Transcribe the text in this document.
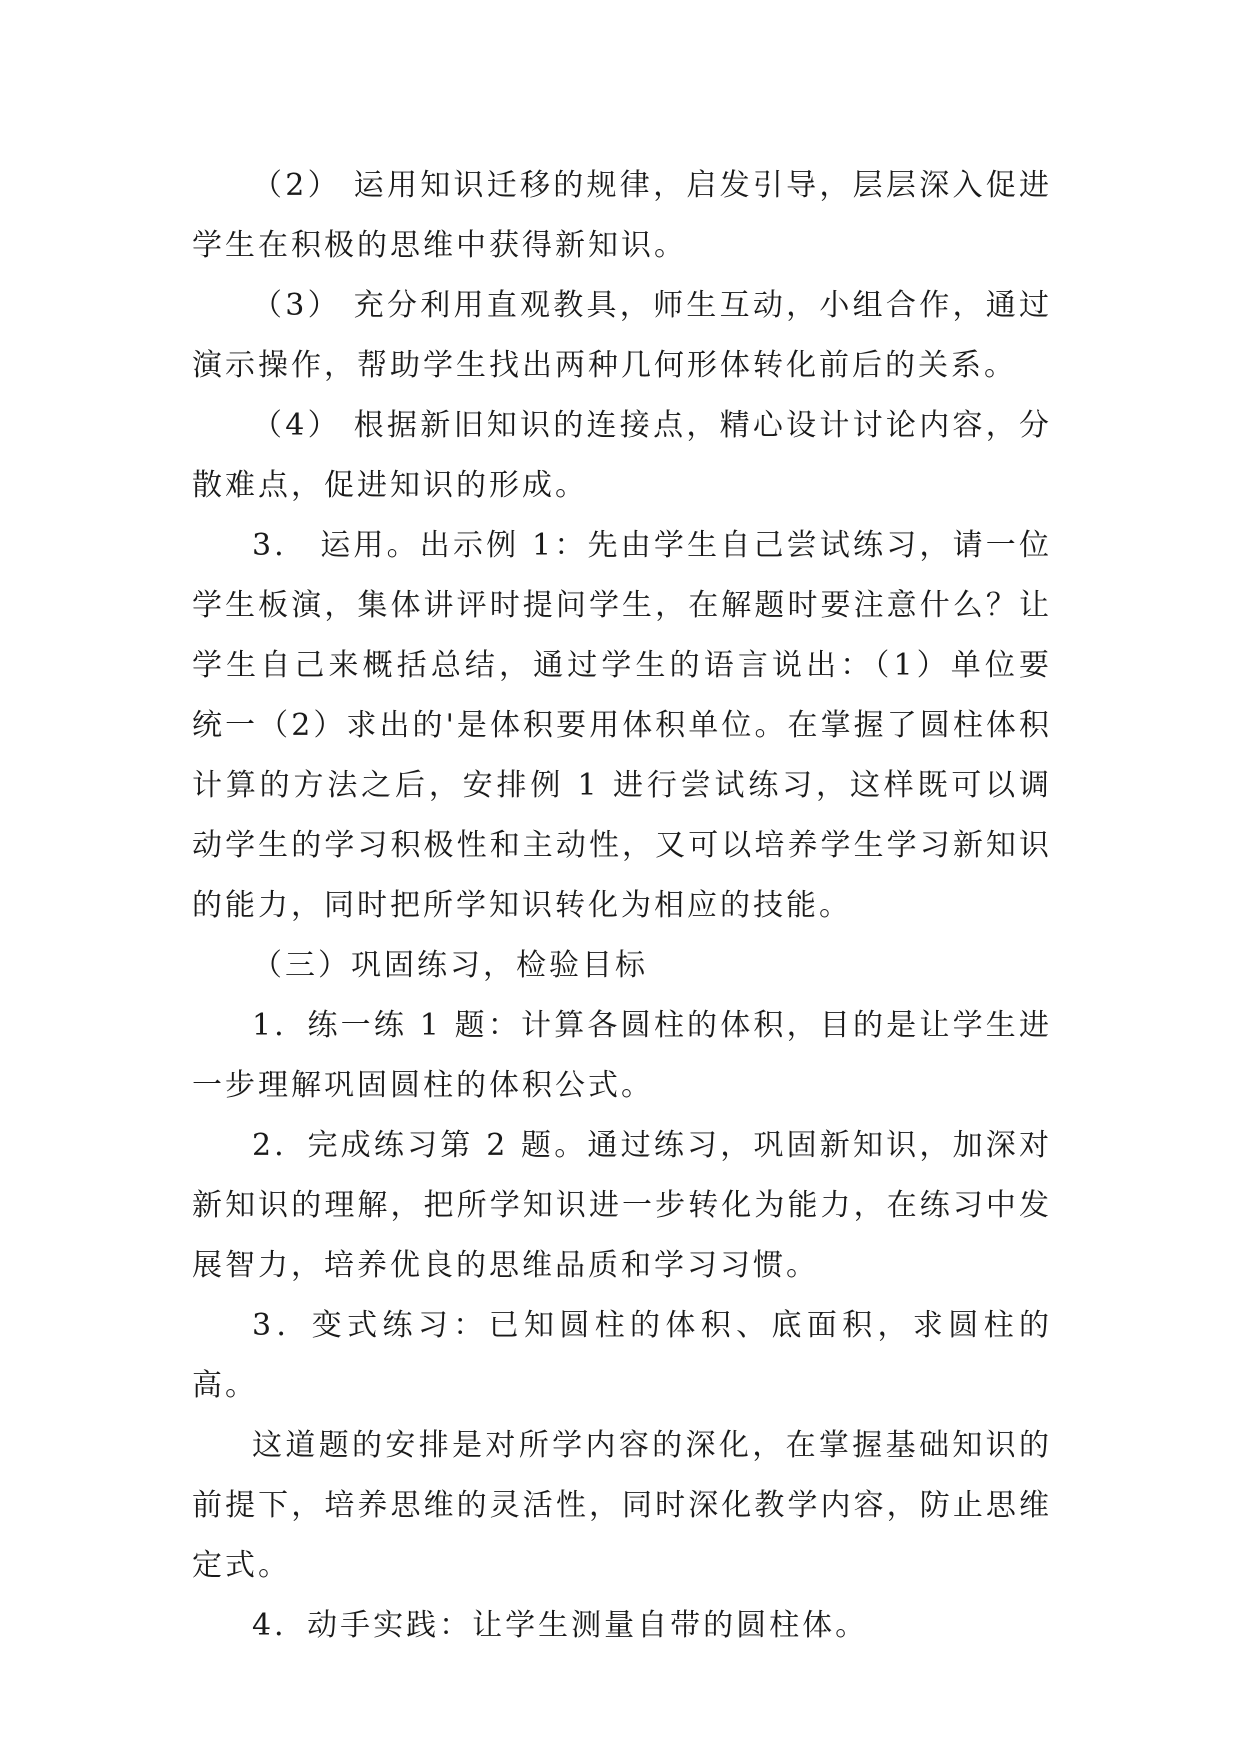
（2） 运用知识迁移的规律，启发引导，层层深入促进学生在积极的思维中获得新知识。

（3） 充分利用直观教具，师生互动，小组合作，通过演示操作，帮助学生找出两种几何形体转化前后的关系。

（4） 根据新旧知识的连接点，精心设计讨论内容，分散难点，促进知识的形成。

3． 运用。出示例 1：先由学生自己尝试练习，请一位学生板演，集体讲评时提问学生，在解题时要注意什么？让学生自己来概括总结，通过学生的语言说出：（1）单位要统一（2）求出的'是体积要用体积单位。在掌握了圆柱体积计算的方法之后，安排例 1 进行尝试练习，这样既可以调动学生的学习积极性和主动性，又可以培养学生学习新知识的能力，同时把所学知识转化为相应的技能。

（三）巩固练习，检验目标

1．练一练 1 题：计算各圆柱的体积，目的是让学生进一步理解巩固圆柱的体积公式。

2．完成练习第 2 题。通过练习，巩固新知识，加深对新知识的理解，把所学知识进一步转化为能力，在练习中发展智力，培养优良的思维品质和学习习惯。

3．变式练习：已知圆柱的体积、底面积，求圆柱的高。

这道题的安排是对所学内容的深化，在掌握基础知识的前提下，培养思维的灵活性，同时深化教学内容，防止思维定式。

4．动手实践：让学生测量自带的圆柱体。
